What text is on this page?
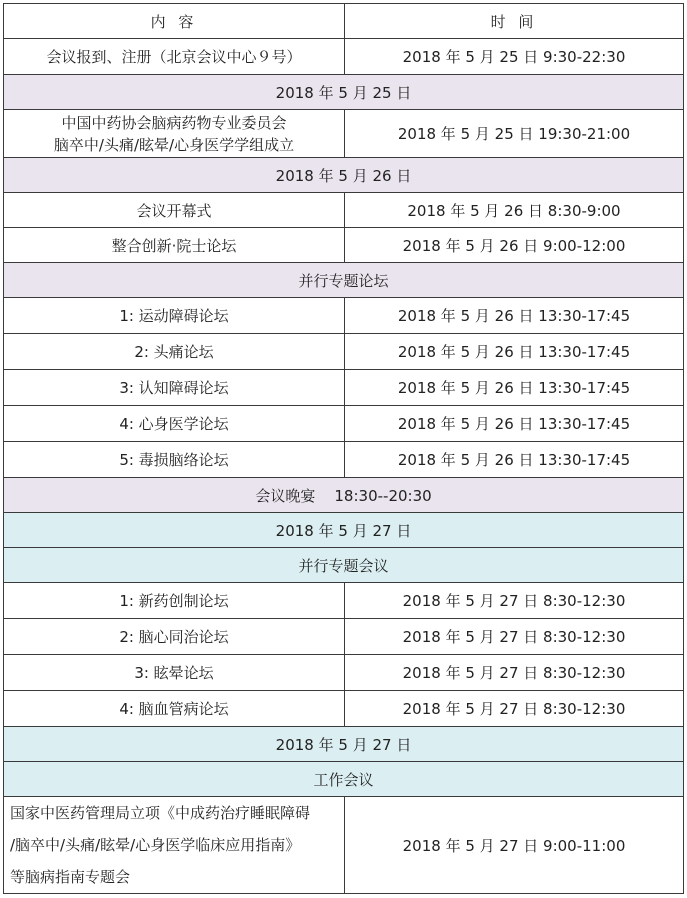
内 容	时 间
会议报到、注册（北京会议中心９号）	2018 年 5 月 25 日 9:30-22:30
2018 年 5 月 25 日	

中国中药协会脑病药物专业委员会
脑卒中/头痛/眩晕/心身医学学组成立	2018 年 5 月 25 日 19:30-21:00
2018 年 5 月 26 日	
会议开幕式	2018 年 5 月 26 日 8:30-9:00
整合创新·院士论坛	2018 年 5 月 26 日 9:00-12:00
并行专题论坛	
1: 运动障碍论坛	2018 年 5 月 26 日 13:30-17:45
2: 头痛论坛	2018 年 5 月 26 日 13:30-17:45
3: 认知障碍论坛	2018 年 5 月 26 日 13:30-17:45
4: 心身医学论坛	2018 年 5 月 26 日 13:30-17:45
5: 毒损脑络论坛	2018 年 5 月 26 日 13:30-17:45
会议晚宴    18:30--20:30	
2018 年 5 月 27 日	
并行专题会议	
1: 新药创制论坛	2018 年 5 月 27 日 8:30-12:30
2: 脑心同治论坛	2018 年 5 月 27 日 8:30-12:30
3: 眩晕论坛	2018 年 5 月 27 日 8:30-12:30
4: 脑血管病论坛	2018 年 5 月 27 日 8:30-12:30
2018 年 5 月 27 日	
工作会议	

国家中医药管理局立项《中成药治疗睡眠障碍
/脑卒中/头痛/眩晕/心身医学临床应用指南》
等脑病指南专题会	2018 年 5 月 27 日 9:00-11:00
